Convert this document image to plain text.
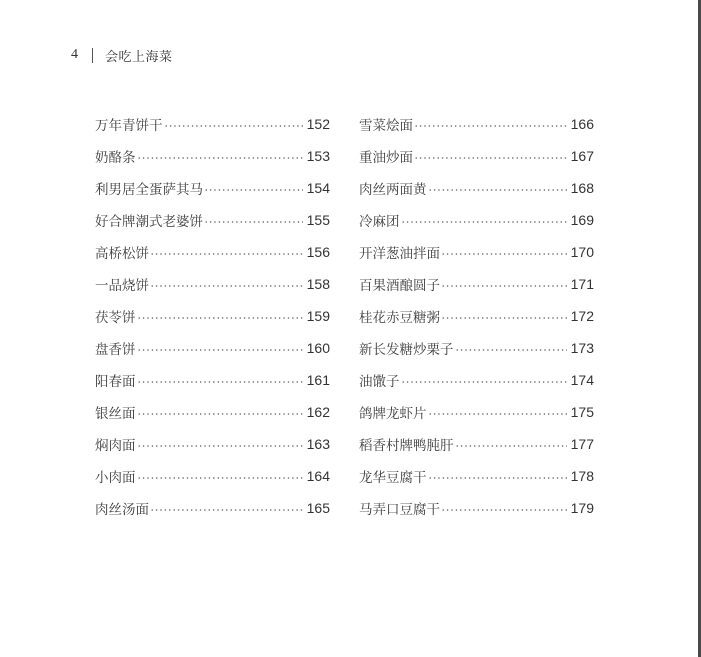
4 会吃上海菜
万年青饼干	152
奶酪条	153
利男居全蛋萨其马	154
好合牌潮式老婆饼	155
高桥松饼	156
一品烧饼	158
茯苓饼	159
盘香饼	160
阳春面	161
银丝面	162
焖肉面	163
小肉面	164
肉丝汤面	165
雪菜烩面	166
重油炒面	167
肉丝两面黄	168
冷麻团	169
开洋葱油拌面	170
百果酒酿圆子	171
桂花赤豆糖粥	172
新长发糖炒栗子	173
油馓子	174
鸽牌龙虾片	175
稻香村牌鸭肫肝	177
龙华豆腐干	178
马弄口豆腐干	179
